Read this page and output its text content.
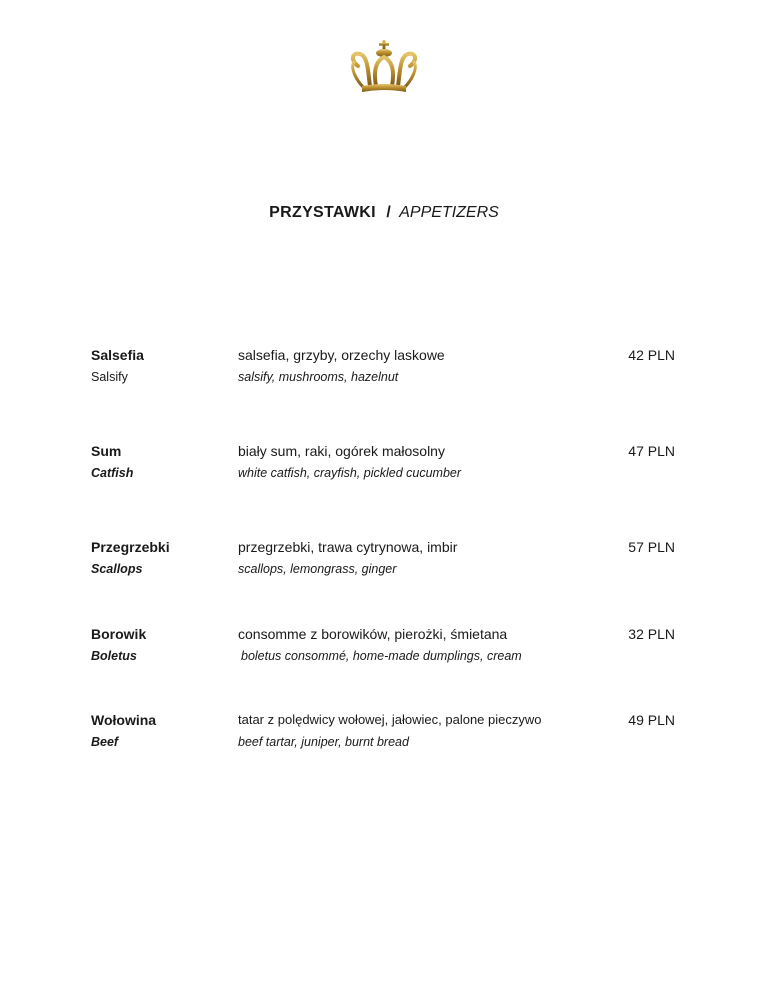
PRZYSTAWKI / APPETIZERS
Salsefia
Salsify
salsefia, grzyby, orzechy laskowe
salsify, mushrooms, hazelnut
42 PLN
Sum
Catfish
biały sum, raki, ogórek małosolny
white catfish, crayfish, pickled cucumber
47 PLN
Przegrzebki
Scallops
przegrzebki, trawa cytrynowa, imbir
scallops, lemongrass, ginger
57 PLN
Borowik
Boletus
consomme z borowików, pierożki, śmietana
boletus consommé, home-made dumplings, cream
32 PLN
Wołowina
Beef
tatar z polędwicy wołowej, jałowiec, palone pieczywo
beef tartar, juniper, burnt bread
49 PLN
